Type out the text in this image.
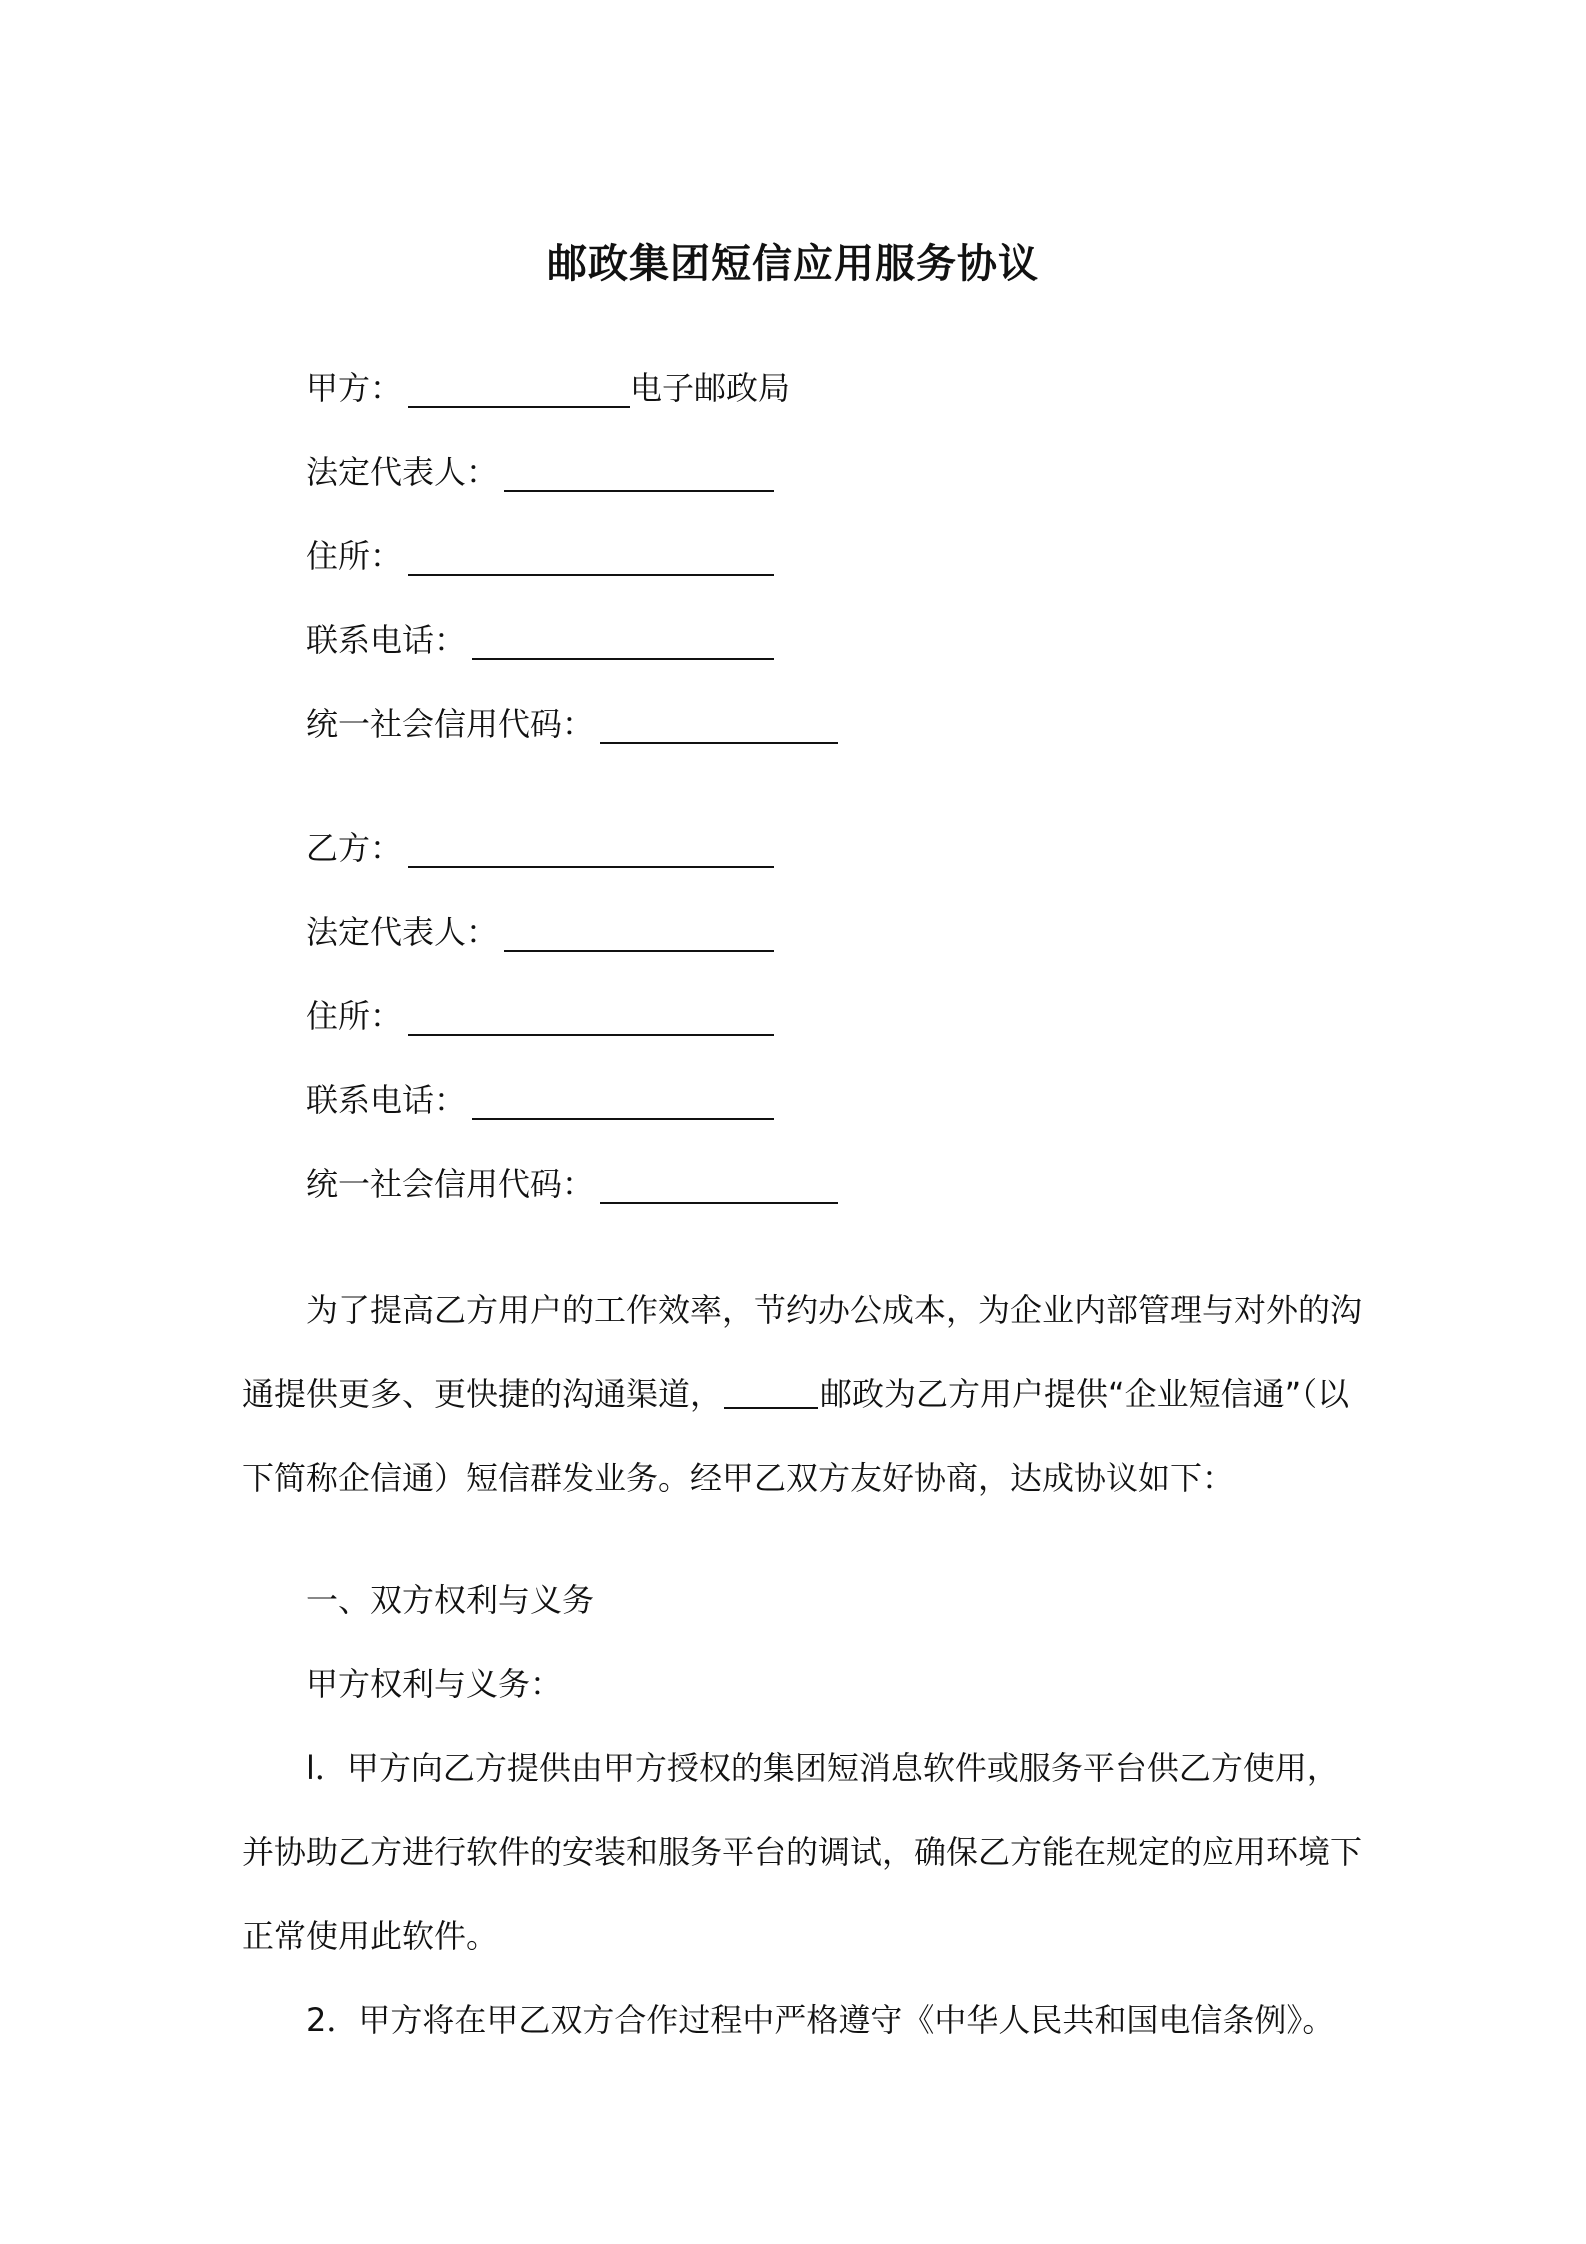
邮政集团短信应用服务协议
甲方：	电子邮政局
法定代表人：
住所：
联系电话：
统一社会信用代码：
乙方：
法定代表人：
住所：
联系电话：
统一社会信用代码：
为了提高乙方用户的工作效率，节约办公成本，为企业内部管理与对外的沟
通提供更多、更快捷的沟通渠道，	邮政为乙方用户提供“企业短信通”（以
下简称企信通）短信群发业务。经甲乙双方友好协商，达成协议如下：
一、双方权利与义务
甲方权利与义务：
l．甲方向乙方提供由甲方授权的集团短消息软件或服务平台供乙方使用，
并协助乙方进行软件的安装和服务平台的调试，确保乙方能在规定的应用环境下
正常使用此软件。
2．甲方将在甲乙双方合作过程中严格遵守《中华人民共和国电信条例》。
